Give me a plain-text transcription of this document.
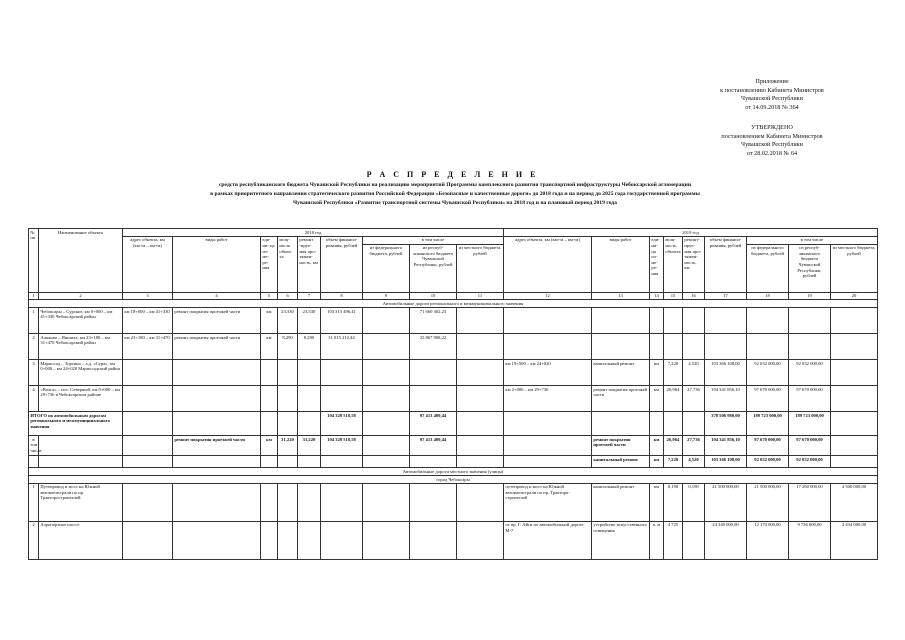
Приложение
к постановлению Кабинета Министров
Чувашской Республики
от 14.09.2018 № 364
УТВЕРЖДЕНО
постановлением Кабинета Министров
Чувашской Республики
от 28.02.2018 № 64
Р А С П Р Е Д Е Л Е Н И Е
средств республиканского бюджета Чувашской Республики на реализацию мероприятий Программы комплексного развития транспортной инфраструктуры Чебоксарской агломерации
в рамках приоритетного направления стратегического развития Российской Федерации «Безопасные и качественные дороги» до 2018 года и на период до 2025 года государственной программы
Чувашской Республики «Развитие транспортной системы Чувашской Республики» на 2018 год и на плановый период 2019 года
№ пп	Наименование объекта	2018 год									2019 год								
		адрес объекта, км (км+м – км+м)	виды работ	еди- ни- ца из- ме- ре- ния	мощ- ность объек- та	ремонт -ируе- мая про- тяжен- ность, км	объем финанси- рования, рублей	в том числе			адрес объекта, км (км+м – км+м)	виды работ	еди- ни- ца из- ме- ре- ния	мощ- ность объекта	ремонт- ируе- мая про- тяжен- ность, км	объем финанси- рования, рублей	в том числе		
								из федерального бюджета, рублей	из респуб- ликанского бюджета Чувашской Республики, рублей	из местного бюджета, рублей							из федерального бюджета, рублей	из респуб- ликанского бюджета Чувашской Республики, рублей	из местного бюджета, рублей
1	2	3	4	5	6	7	8	9	10	11	12	13	14	15	16	17	18	19	20
Автомобильные дороги регионального и межмуниципального значения																			
1	Чебоксары – Сурское, км 0+000 – км 41+330 Чебоксарский район	км 18+000 – км 41+330	ремонт покрытия проезжей части	км	23,330	23,330	103 313 496,41		71 660 302,23										
2	Аликово – Яншиха, км 23+180 – км 31+470 Чебоксарский район	км 23+180 – км 31+470	ремонт покрытия проезжей части	км	8,290	8,290	31 015 212,44		25 867 908,22										
3	Марпосад – Торгино – а.д. «Сура», км 0+000 – км 24+020 Марпосадский район										км 19+500 – км 24+020	капитальный ремонт	км	7,220	4,520	103 366 108,00	92 032 000,00	92 032 000,00	
4	«Волга» – пос. Северный, км 0+000 – км 29+736 в Чебоксарском районе										км 2+000 – км 29+736	ремонт покрытия проезжей части	км	26,964	27,736	194 341 856,10	97 670 000,00	97 670 000,00	
ИТОГО по автомобильным дорогам регионального и межмуниципального значения							194 328 518,58		97 413 409,44							378 506 980,00	189 723 000,00	189 723 000,00	
в том числе			ремонт покрытия проезжей части	км	31,220	31,220	194 328 518,58		97 413 409,44			ремонт покрытия проезжей части	км	26,964	27,736	194 341 856,10	97 670 000,00	97 670 000,00	
												капитальный ремонт	км	7,220	4,520	103 366 108,00	92 032 000,00	92 032 000,00	
Автомобильные дороги местного значения (улицы)																			
город Чебоксары																			
1	Путепровод и мост на Южной автомагистрали по пр. Тракторостроителей										путепровод и мост на Южной автомагистрали по пр. Тракторо- строителей	капитальный ремонт	км	0,190	0,190	41 500 000,00	21 500 000,00	17 260 000,00	4 500 000,00
2	Аэропортное шоссе										от пр. Г. Айги по автомобильной дороге М-7	устройство искусственного освещения	п. м	4 725		24 340 000,00	12 170 000,00	9 736 000,00	2 434 000,00
